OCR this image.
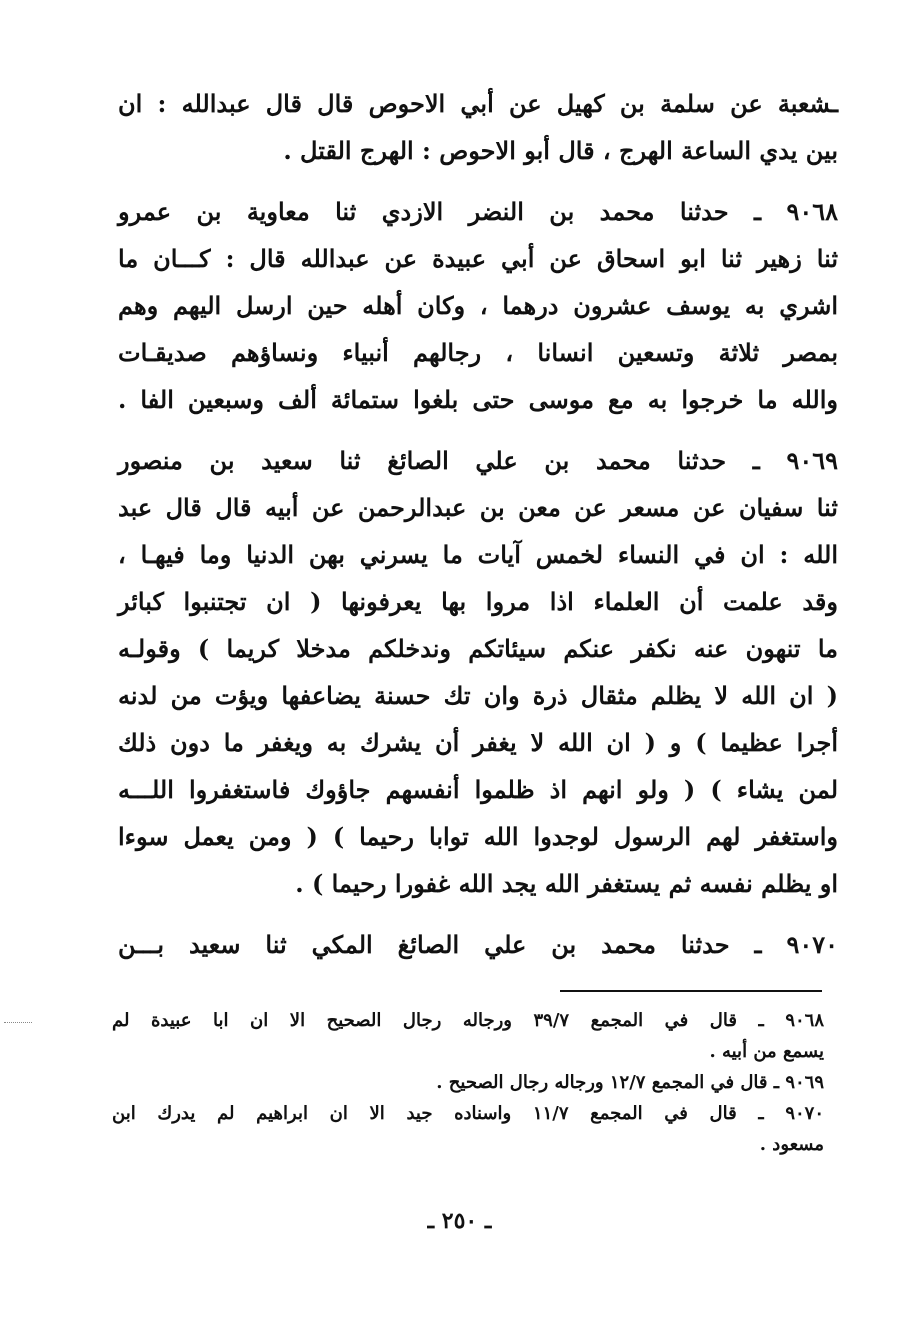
ـشعبة عن سلمة بن كهيل عن أبي الاحوص قال قال عبدالله : ان
بين يدي الساعة الهرج ، قال أبو الاحوص : الهرج القتل .
٩٠٦٨ ـ حدثنا محمد بن النضر الازدي ثنا معاوية بن عمرو
ثنا زهير ثنا ابو اسحاق عن أبي عبيدة عن عبدالله قال : كـــان ما
اشري به يوسف عشرون درهما ، وكان أهله حين ارسل اليهم وهم
بمصر ثلاثة وتسعين انسانا ، رجالهم أنبياء ونساؤهم صديقـات
والله ما خرجوا به مع موسى حتى بلغوا ستمائة ألف وسبعين الفا .
٩٠٦٩ ـ حدثنا محمد بن علي الصائغ ثنا سعيد بن منصور
ثنا سفيان عن مسعر عن معن بن عبدالرحمن عن أبيه قال قال عبد
الله : ان في النساء لخمس آيات ما يسرني بهن الدنيا وما فيهـا ،
وقد علمت أن العلماء اذا مروا بها يعرفونها ( ان تجتنبوا كبائر
ما تنهون عنه نكفر عنكم سيئاتكم وندخلكم مدخلا كريما ) وقولـه
( ان الله لا يظلم مثقال ذرة وان تك حسنة يضاعفها ويؤت من لدنه
أجرا عظيما ) و ( ان الله لا يغفر أن يشرك به ويغفر ما دون ذلك
لمن يشاء ) ( ولو انهم اذ ظلموا أنفسهم جاؤوك فاستغفروا اللـــه
واستغفر لهم الرسول لوجدوا الله توابا رحيما ) ( ومن يعمل سوءا
او يظلم نفسه ثم يستغفر الله يجد الله غفورا رحيما ) .
٩٠٧٠ ـ حدثنا محمد بن علي الصائغ المكي ثنا سعيد بـــن
٩٠٦٨ ـ قال في المجمع ٣٩/٧ ورجاله رجال الصحيح الا ان ابا عبيدة لم
يسمع من أبيه .
٩٠٦٩ ـ قال في المجمع ١٢/٧ ورجاله رجال الصحيح .
٩٠٧٠ ـ قال في المجمع ١١/٧ واسناده جيد الا ان ابراهيم لم يدرك ابن
مسعود .
ـ ٢٥٠ ـ
